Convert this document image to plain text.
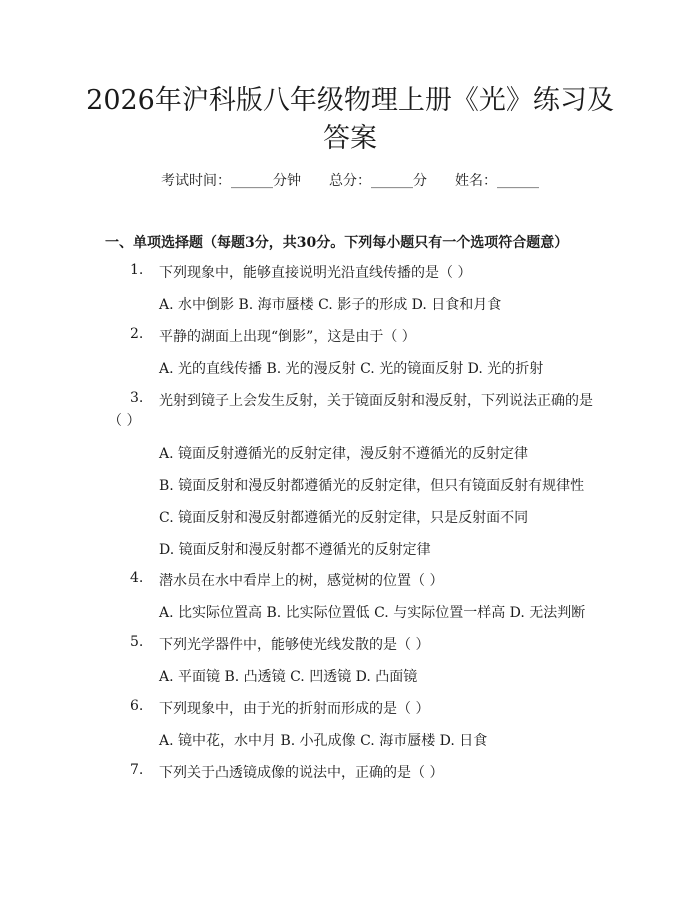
2026年沪科版八年级物理上册《光》练习及
答案
考试时间：______分钟 总分：______分 姓名：______
一、单项选择题（每题3分，共30分。下列每小题只有一个选项符合题意）
1. 下列现象中，能够直接说明光沿直线传播的是（ ）
A. 水中倒影 B. 海市蜃楼 C. 影子的形成 D. 日食和月食
2. 平静的湖面上出现“倒影”，这是由于（ ）
A. 光的直线传播 B. 光的漫反射 C. 光的镜面反射 D. 光的折射
3. 光射到镜子上会发生反射，关于镜面反射和漫反射，下列说法正确的是
（ ）
A. 镜面反射遵循光的反射定律，漫反射不遵循光的反射定律
B. 镜面反射和漫反射都遵循光的反射定律，但只有镜面反射有规律性
C. 镜面反射和漫反射都遵循光的反射定律，只是反射面不同
D. 镜面反射和漫反射都不遵循光的反射定律
4. 潜水员在水中看岸上的树，感觉树的位置（ ）
A. 比实际位置高 B. 比实际位置低 C. 与实际位置一样高 D. 无法判断
5. 下列光学器件中，能够使光线发散的是（ ）
A. 平面镜 B. 凸透镜 C. 凹透镜 D. 凸面镜
6. 下列现象中，由于光的折射而形成的是（ ）
A. 镜中花，水中月 B. 小孔成像 C. 海市蜃楼 D. 日食
7. 下列关于凸透镜成像的说法中，正确的是（ ）
